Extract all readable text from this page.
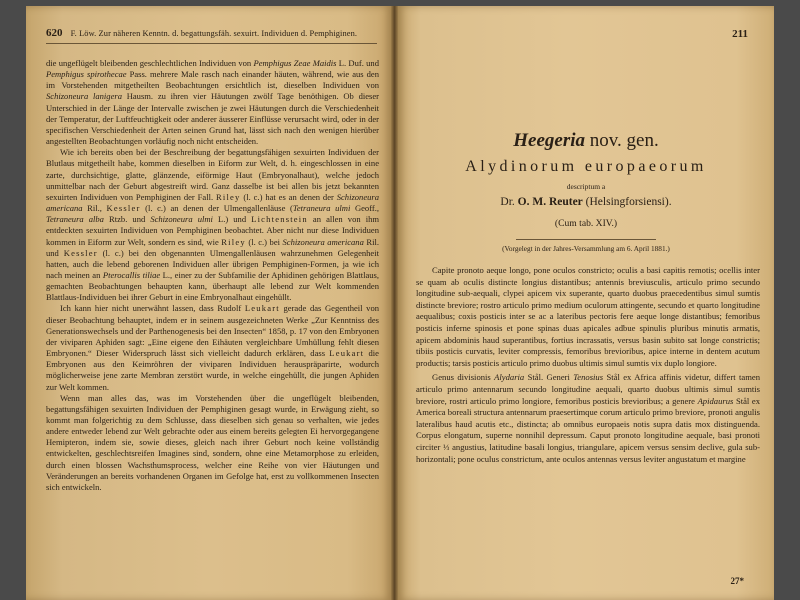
620 F. Löw. Zur näheren Kenntn. d. begattungsfäh. sexuirt. Individuen d. Pemphiginen.

die ungeflügelt bleibenden geschlechtlichen Individuen von Pemphigus Zeae Maidis L. Duf. und Pemphigus spirothecae Pass. mehrere Male rasch nach einander häuten, während, wie aus den im Vorstehenden mitgetheilten Beobachtungen ersichtlich ist, dieselben Individuen von Schizoneura lanigera Hausm. zu ihren vier Häutungen zwölf Tage benöthigen. Ob dieser Unterschied in der Länge der Intervalle zwischen je zwei Häutungen durch die Verschiedenheit der Temperatur, der Luftfeuchtigkeit oder anderer äusserer Einflüsse verursacht wird, oder in der specifischen Verschiedenheit der Arten seinen Grund hat, lässt sich nach den wenigen hierüber angestellten Beobachtungen vorläufig noch nicht entscheiden.

Wie ich bereits oben bei der Beschreibung der begattungsfähigen sexuirten Individuen der Blutlaus mitgetheilt habe, kommen dieselben in Eiform zur Welt, d. h. eingeschlossen in eine zarte, durchsichtige, glatte, glänzende, eiförmige Haut (Embryonalhaut), welche jedoch unmittelbar nach der Geburt abgestreift wird. Ganz dasselbe ist bei allen bis jetzt bekannten sexuirten Individuen von Pemphiginen der Fall. Riley (l. c.) hat es an denen der Schizoneura americana Ril., Kessler (l. c.) an denen der Ulmengallenläuse (Tetraneura ulmi Geoff., Tetraneura alba Rtzb. und Schizoneura ulmi L.) und Lichtenstein an allen von ihm entdeckten sexuirten Individuen von Pemphiginen beobachtet. Aber nicht nur diese Individuen kommen in Eiform zur Welt, sondern es sind, wie Riley (l. c.) bei Schizoneura americana Ril. und Kessler (l. c.) bei den obgenannten Ulmengallenläusen wahrzunehmen Gelegenheit hatten, auch die lebend geborenen Individuen aller übrigen Pemphiginen-Formen, ja wie ich nach meinen an Pterocallis tiliae L., einer zu der Subfamilie der Aphidinen gehörigen Blattlaus, gemachten Beobachtungen behaupten kann, überhaupt alle lebend zur Welt kommenden Blattlaus-Individuen bei ihrer Geburt in eine Embryonalhaut eingehüllt.

Ich kann hier nicht unerwähnt lassen, dass Rudolf Leukart gerade das Gegentheil von dieser Beobachtung behauptet, indem er in seinem ausgezeichneten Werke „Zur Kenntniss des Generationswechsels und der Parthenogenesis bei den Insecten“ 1858, p. 17 von den Embryonen der viviparen Aphiden sagt: „Eine eigene den Eihäuten vergleichbare Umhüllung fehlt diesen Embryonen.“ Dieser Widerspruch lässt sich vielleicht dadurch erklären, dass Leukart die Embryonen aus den Keimröhren der viviparen Individuen herauspräparirte, wodurch möglicherweise jene zarte Membran zerstört wurde, in welche eingehüllt, die jungen Aphiden zur Welt kommen.

Wenn man alles das, was im Vorstehenden über die ungeflügelt bleibenden, begattungsfähigen sexuirten Individuen der Pemphiginen gesagt wurde, in Erwägung zieht, so kommt man folgerichtig zu dem Schlusse, dass dieselben sich genau so verhalten, wie jedes andere entweder lebend zur Welt gebrachte oder aus einem bereits gelegten Ei hervorgegangene Hemipteron, indem sie, sowie dieses, gleich nach ihrer Geburt noch keine vollständig entwickelten, geschlechtsreifen Imagines sind, sondern, ohne eine Metamorphose zu erleiden, durch einen blossen Wachsthumsprocess, welcher eine Reihe von vier Häutungen und Veränderungen an bereits vorhandenen Organen im Gefolge hat, erst zu vollkommenen Insecten sich entwickeln.

211
Heegeria nov. gen.
Alydinorum europaeorum
descriptum a
Dr. O. M. Reuter (Helsingforsiensi).
(Cum tab. XIV.)
(Vorgelegt in der Jahres-Versammlung am 6. April 1881.)

Capite pronoto aeque longo, pone oculos constricto; oculis a basi capitis remotis; ocellis inter se quam ab oculis distincte longius distantibus; antennis breviusculis, articulo primo secundo longitudine sub-aequali, clypei apicem vix superante, quarto duobus praecedentibus simul sumtis distincte breviore; rostro articulo primo medium oculorum attingente, secundo et quarto longitudine aequalibus; coxis posticis inter se ac a lateribus pectoris fere aeque longe distantibus; femoribus posticis inferne spinosis et pone spinas duas apicales adbue spinulis pluribus minutis armatis, apicem abdominis haud superantibus, fortius incrassatis, versus basin subito sat longe constrictis; tibiis posticis curvatis, leviter compressis, femoribus brevioribus, apice interne in dentem acutum productis; tarsis posticis articulo primo duobus ultimis simul sumtis vix duplo longiore.

Genus divisionis Alydaria Stål. Generi Tenosius Stål ex Africa affinis videtur, differt tamen articulo primo antennarum secundo longitudine aequali, quarto duobus ultimis simul sumtis breviore, rostri articulo primo longiore, femoribus posticis brevioribus; a genere Apidaurus Stål ex America boreali structura antennarum praesertimque corum articulo primo breviore, pronoti angulis lateralibus haud acutis etc., distincta; ab omnibus europaeis notis supra datis mox distinguenda. Corpus elongatum, superne nonnihil depressum. Caput pronoto longitudine aequale, basi pronoti circiter ⅓ angustius, latitudine basali longius, triangulare, apicem versus sensim declive, gula sub-horizontali; pone oculus constrictum, ante oculos antennas versus leviter angustatum et margine

27*
